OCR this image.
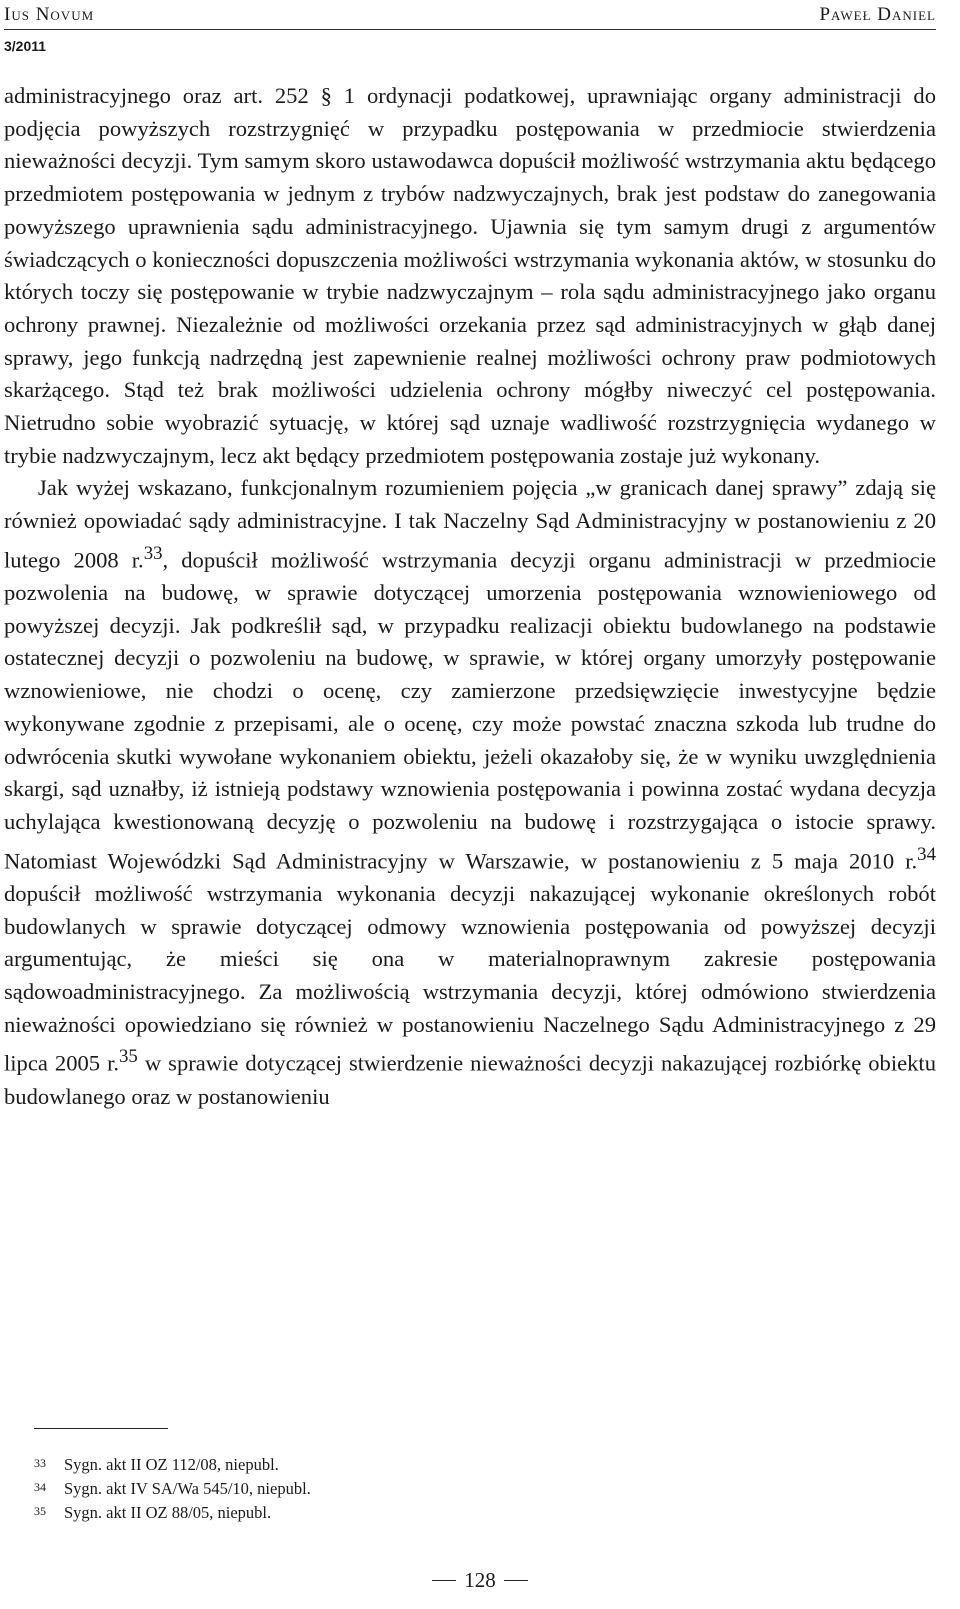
Ius Novum	Paweł Daniel
3/2011

administracyjnego oraz art. 252 § 1 ordynacji podatkowej, uprawniając organy administracji do podjęcia powyższych rozstrzygnięć w przypadku postępowania w przedmiocie stwierdzenia nieważności decyzji. Tym samym skoro ustawodawca dopuścił możliwość wstrzymania aktu będącego przedmiotem postępowania w jednym z trybów nadzwyczajnych, brak jest podstaw do zanegowania powyższego uprawnienia sądu administracyjnego. Ujawnia się tym samym drugi z argumentów świadczących o konieczności dopuszczenia możliwości wstrzymania wykonania aktów, w stosunku do których toczy się postępowanie w trybie nadzwyczajnym – rola sądu administracyjnego jako organu ochrony prawnej. Niezależnie od możliwości orzekania przez sąd administracyjnych w głąb danej sprawy, jego funkcją nadrzędną jest zapewnienie realnej możliwości ochrony praw podmiotowych skarżącego. Stąd też brak możliwości udzielenia ochrony mógłby niweczyć cel postępowania. Nietrudno sobie wyobrazić sytuację, w której sąd uznaje wadliwość rozstrzygnięcia wydanego w trybie nadzwyczajnym, lecz akt będący przedmiotem postępowania zostaje już wykonany.

Jak wyżej wskazano, funkcjonalnym rozumieniem pojęcia „w granicach danej sprawy” zdają się również opowiadać sądy administracyjne. I tak Naczelny Sąd Administracyjny w postanowieniu z 20 lutego 2008 r.$^{33}$, dopuścił możliwość wstrzymania decyzji organu administracji w przedmiocie pozwolenia na budowę, w sprawie dotyczącej umorzenia postępowania wznowieniowego od powyższej decyzji. Jak podkreślił sąd, w przypadku realizacji obiektu budowlanego na podstawie ostatecznej decyzji o pozwoleniu na budowę, w sprawie, w której organy umorzyły postępowanie wznowieniowe, nie chodzi o ocenę, czy zamierzone przedsięwzięcie inwestycyjne będzie wykonywane zgodnie z przepisami, ale o ocenę, czy może powstać znaczna szkoda lub trudne do odwrócenia skutki wywołane wykonaniem obiektu, jeżeli okazałoby się, że w wyniku uwzględnienia skargi, sąd uznałby, iż istnieją podstawy wznowienia postępowania i powinna zostać wydana decyzja uchylająca kwestionowaną decyzję o pozwoleniu na budowę i rozstrzygająca o istocie sprawy. Natomiast Wojewódzki Sąd Administracyjny w Warszawie, w postanowieniu z 5 maja 2010 r.$^{34}$ dopuścił możliwość wstrzymania wykonania decyzji nakazującej wykonanie określonych robót budowlanych w sprawie dotyczącej odmowy wznowienia postępowania od powyższej decyzji argumentując, że mieści się ona w materialnoprawnym zakresie postępowania sądowoadministracyjnego. Za możliwością wstrzymania decyzji, której odmówiono stwierdzenia nieważności opowiedziano się również w postanowieniu Naczelnego Sądu Administracyjnego z 29 lipca 2005 r.$^{35}$ w sprawie dotyczącej stwierdzenie nieważności decyzji nakazującej rozbiórkę obiektu budowlanego oraz w postanowieniu

33 Sygn. akt II OZ 112/08, niepubl.
34 Sygn. akt IV SA/Wa 545/10, niepubl.
35 Sygn. akt II OZ 88/05, niepubl.
128
